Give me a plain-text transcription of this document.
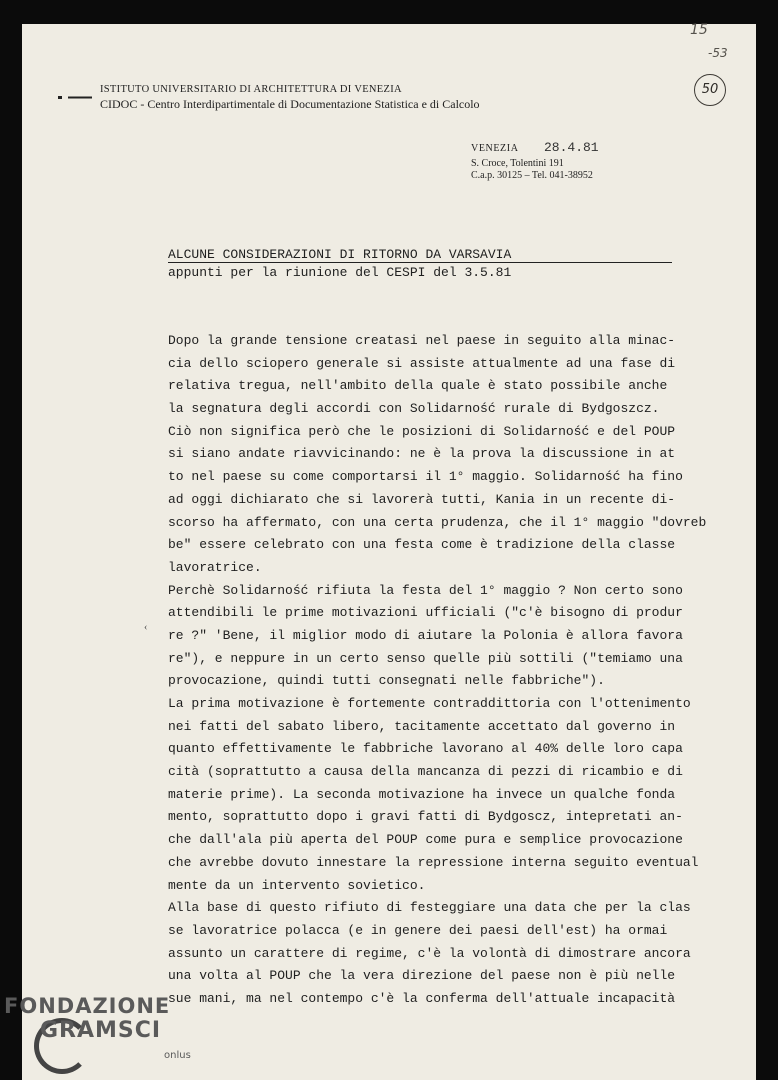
15
-53
50
ISTITUTO UNIVERSITARIO DI ARCHITETTURA DI VENEZIA
CIDOC - Centro Interdipartimentale di Documentazione Statistica e di Calcolo
VENEZIA 28.4.81
S. Croce, Tolentini 191
C.a.p. 30125 – Tel. 041-38952
ALCUNE CONSIDERAZIONI DI RITORNO DA VARSAVIA
appunti per la riunione del CESPI del 3.5.81
Dopo la grande tensione creatasi nel paese in seguito alla minac-
cia dello sciopero generale si assiste attualmente ad una fase di
relativa tregua, nell'ambito della quale è stato possibile anche
la segnatura degli accordi con Solidarność rurale di Bydgoszcz.
Ciò non significa però che le posizioni di Solidarność e del POUP
si siano andate riavvicinando: ne è la prova la discussione in at
to nel paese su come comportarsi il 1° maggio. Solidarność ha fino
ad oggi dichiarato che si lavorerà tutti, Kania in un recente di-
scorso ha affermato, con una certa prudenza, che il 1° maggio "dovreb
be" essere celebrato con una festa come è tradizione della classe
lavoratrice.
Perchè Solidarność rifiuta la festa del 1° maggio ? Non certo sono
attendibili le prime motivazioni ufficiali ("c'è bisogno di produr
re ?" 'Bene, il miglior modo di aiutare la Polonia è allora favora
re"), e neppure in un certo senso quelle più sottili ("temiamo una
provocazione, quindi tutti consegnati nelle fabbriche").
La prima motivazione è fortemente contraddittoria con l'ottenimento
nei fatti del sabato libero, tacitamente accettato dal governo in
quanto effettivamente le fabbriche lavorano al 40% delle loro capa
cità (soprattutto a causa della mancanza di pezzi di ricambio e di
materie prime). La seconda motivazione ha invece un qualche fonda
mento, soprattutto dopo i gravi fatti di Bydgoscz, intepretati an-
che dall'ala più aperta del POUP come pura e semplice provocazione
che avrebbe dovuto innestare la repressione interna seguito eventual
mente da un intervento sovietico.
Alla base di questo rifiuto di festeggiare una data che per la clas
se lavoratrice polacca (e in genere dei paesi dell'est) ha ormai
assunto un carattere di regime, c'è la volontà di dimostrare ancora
una volta al POUP che la vera direzione del paese non è più nelle
sue mani, ma nel contempo c'è la conferma dell'attuale incapacità
‹
FONDAZIONE
GRAMSCI
onlus
